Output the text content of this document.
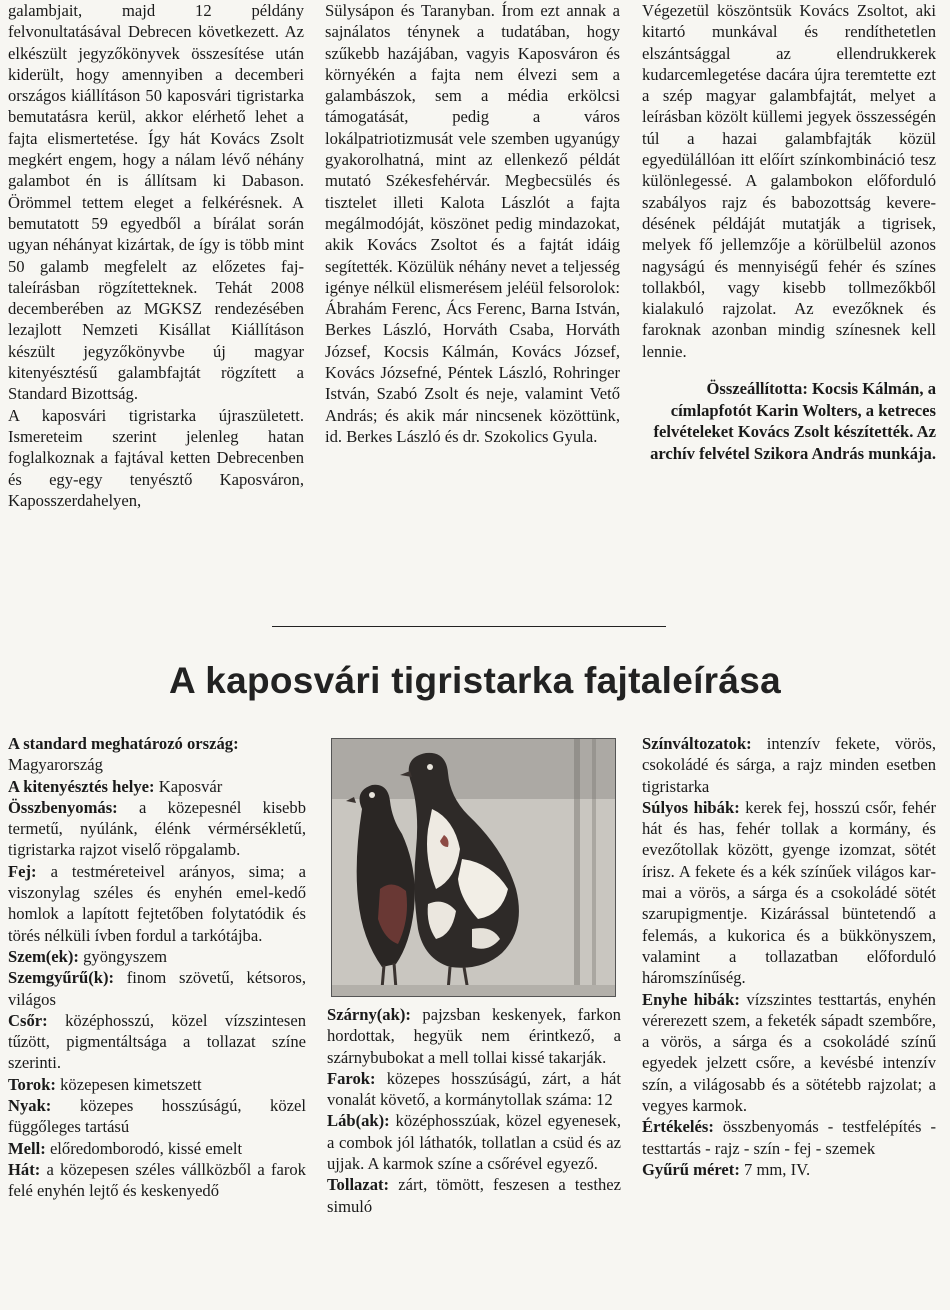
galambjait, majd 12 példány felvonultatásával Debrecen következett. Az elkészült jegyzőkönyvek összesítése után kiderült, hogy amennyiben a decemberi országos kiállításon 50 kaposvári tigristarka bemutatásra kerül, akkor elérhető lehet a fajta elismertetése. Így hát Kovács Zsolt megkért engem, hogy a nálam lévő néhány galambot én is állítsam ki Dabason. Örömmel tettem eleget a felkérésnek. A bemutatott 59 egyedből a bírálat során ugyan néhányat kizártak, de így is több mint 50 galamb megfelelt az előzetes fajtaleírásban rögzítetteknek. Tehát 2008 decemberében az MGKSZ rendezésében lezajlott Nemzeti Kisállat Kiállításon készült jegyzőkönyvbe új magyar kitenyésztésű galambfajtát rögzített a Standard Bizottság.

A kaposvári tigristarka újraszületett. Ismereteim szerint jelenleg hatan foglalkoznak a fajtával ketten Debrecenben és egy-egy tenyésztő Kaposváron, Kaposszerdahelyen,

Sülysápon és Taranyban. Írom ezt annak a sajnálatos ténynek a tudatában, hogy szűkebb hazájában, vagyis Kaposváron és környékén a fajta nem élvezi sem a galambászok, sem a média erkölcsi támogatását, pedig a város lokálpatriotizmusát vele szemben ugyanúgy gyakorolhatná, mint az ellenkező példát mutató Székesfehérvár. Megbecsülés és tisztelet illeti Kalota Lászlót a fajta megálmodóját, köszönet pedig mindazokat, akik Kovács Zsoltot és a fajtát idáig segítették. Közülük néhány nevet a teljesség igénye nélkül elismerésem jeléül felsorolok: Ábrahám Ferenc, Ács Ferenc, Barna István, Berkes László, Horváth Csaba, Horváth József, Kocsis Kálmán, Kovács József, Kovács Józsefné, Péntek László, Rohringer István, Szabó Zsolt és neje, valamint Vető András; és akik már nincsenek közöttünk, id. Berkes László és dr. Szokolics Gyula.

Végezetül köszöntsük Kovács Zsoltot, aki kitartó munkával és rendíthetetlen elszántsággal az ellendrukkerek kudarcemlegetése dacára újra teremtette ezt a szép magyar galambfajtát, melyet a leírásban közölt küllemi jegyek összességén túl a hazai galambfajták közül egyedülállóan itt előírt színkombináció tesz különlegessé. A galambokon előforduló szabályos rajz és babozottság keveredésének példáját mutatják a tigrisek, melyek fő jellemzője a körülbelül azonos nagyságú és mennyiségű fehér és színes tollakból, vagy kisebb tollmezőkből kialakuló rajzolat. Az evezőknek és faroknak azonban mindig színesnek kell lennie.

Összeállította: Kocsis Kálmán, a címlapfotót Karin Wolters, a ketreces felvételeket Kovács Zsolt készítették. Az archív felvétel Szikora András munkája.

A kaposvári tigristarka fajtaleírása

A standard meghatározó ország:
Magyarország

A kitenyésztés helye: Kaposvár

Összbenyomás: a közepesnél kisebb termetű, nyúlánk, élénk vérmérsékletű, tigristarka rajzot viselő röpgalamb.

Fej: a testméreteivel arányos, sima; a viszonylag széles és enyhén emel-kedő homlok a lapított fejtetőben folytatódik és törés nélküli ívben fordul a tarkótájba.

Szem(ek): gyöngyszem

Szemgyűrű(k): finom szövetű, kétsoros, világos

Csőr: középhosszú, közel vízszintesen tűzött, pigmentáltsága a tollazat színe szerinti.

Torok: közepesen kimetszett

Nyak: közepes hosszúságú, közel függőleges tartású

Mell: előredomborodó, kissé emelt

Hát: a közepesen széles vállközből a farok felé enyhén lejtő és keskenyedő

Szárny(ak): pajzsban keskenyek, farkon hordottak, hegyük nem érintkező, a szárnybubokat a mell tollai kissé takarják.

Farok: közepes hosszúságú, zárt, a hát vonalát követő, a kormánytollak száma: 12

Láb(ak): középhosszúak, közel egyenesek, a combok jól láthatók, tollatlan a csüd és az ujjak. A karmok színe a csőrével egyező.

Tollazat: zárt, tömött, feszesen a testhez simuló

Színváltozatok: intenzív fekete, vörös, csokoládé és sárga, a rajz minden esetben tigristarka

Súlyos hibák: kerek fej, hosszú csőr, fehér hát és has, fehér tollak a kormány, és evezőtollak között, gyenge izomzat, sötét írisz. A fekete és a kék színűek világos karmai a vörös, a sárga és a csokoládé sötét szarupigmentje. Kizárással büntetendő a felemás, a kukorica és a bükkönyszem, valamint a tollazatban előforduló háromszínűség.

Enyhe hibák: vízszintes testtartás, enyhén vérerezett szem, a feketék sápadt szembőre, a vörös, a sárga és a csokoládé színű egyedek jelzett csőre, a kevésbé intenzív szín, a világosabb és a sötétebb rajzolat; a vegyes karmok.

Értékelés: összbenyomás - testfelépítés - testtartás - rajz - szín - fej - szemek

Gyűrű méret: 7 mm, IV.
